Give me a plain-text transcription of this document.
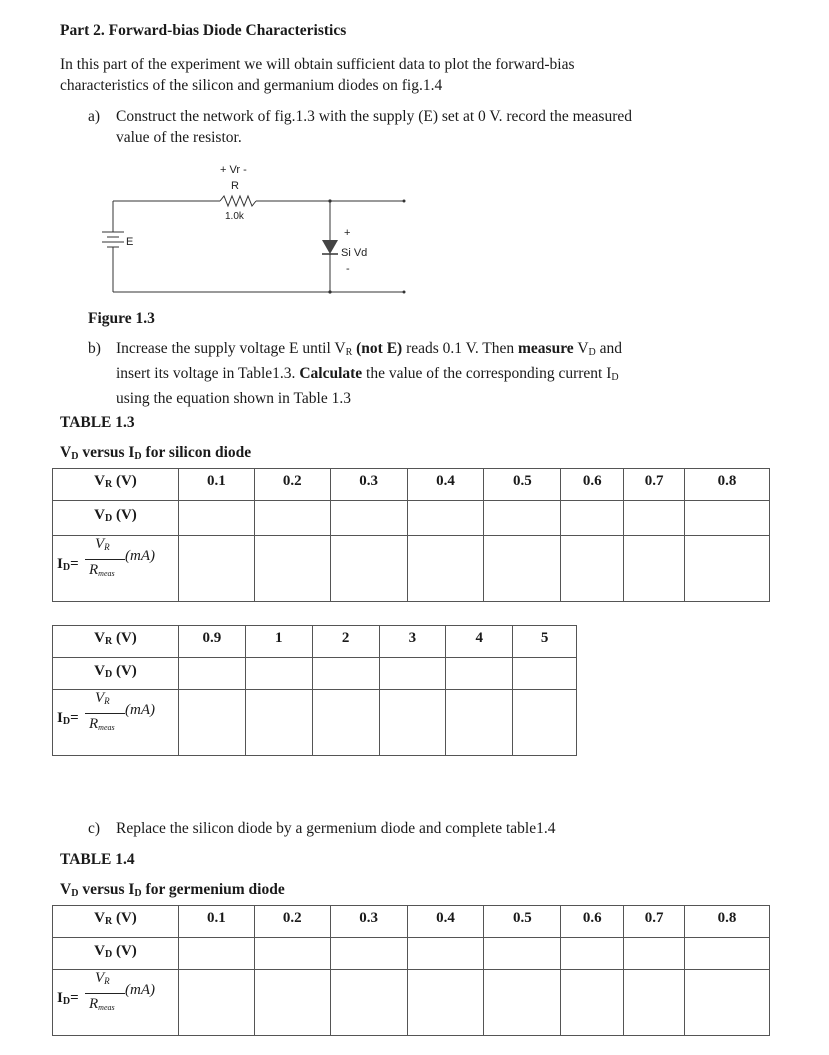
Part 2. Forward-bias Diode Characteristics
In this part of the experiment we will obtain sufficient data to plot the forward-bias
characteristics of the silicon and germanium diodes on fig.1.4
a) Construct the network of fig.1.3 with the supply (E) set at 0 V. record the measured
value of the resistor.
+ Vr -
R
1.0k
E
+
Si Vd
-
Figure 1.3
b) Increase the supply voltage E until $V_R$ (not E) reads 0.1 V. Then measure $V_D$ and
insert its voltage in Table1.3. Calculate the value of the corresponding current $I_D$
using the equation shown in Table 1.3
TABLE 1.3
$V_D$ versus $I_D$ for silicon diode
$V_R$ (V)	0.1	0.2	0.3	0.4	0.5	0.6	0.7	0.8
$V_D$ (V)								

$I_D=$
$V_R$
$R_{meas}$
(mA)								

$V_R$ (V)	0.9	1	2	3	4	5
$V_D$ (V)						

$I_D=$
$V_R$
$R_{meas}$
(mA)						

c) Replace the silicon diode by a germenium diode and complete table1.4
TABLE 1.4
$V_D$ versus $I_D$ for germenium diode
$V_R$ (V)	0.1	0.2	0.3	0.4	0.5	0.6	0.7	0.8
$V_D$ (V)								

$I_D=$
$V_R$
$R_{meas}$
(mA)								
